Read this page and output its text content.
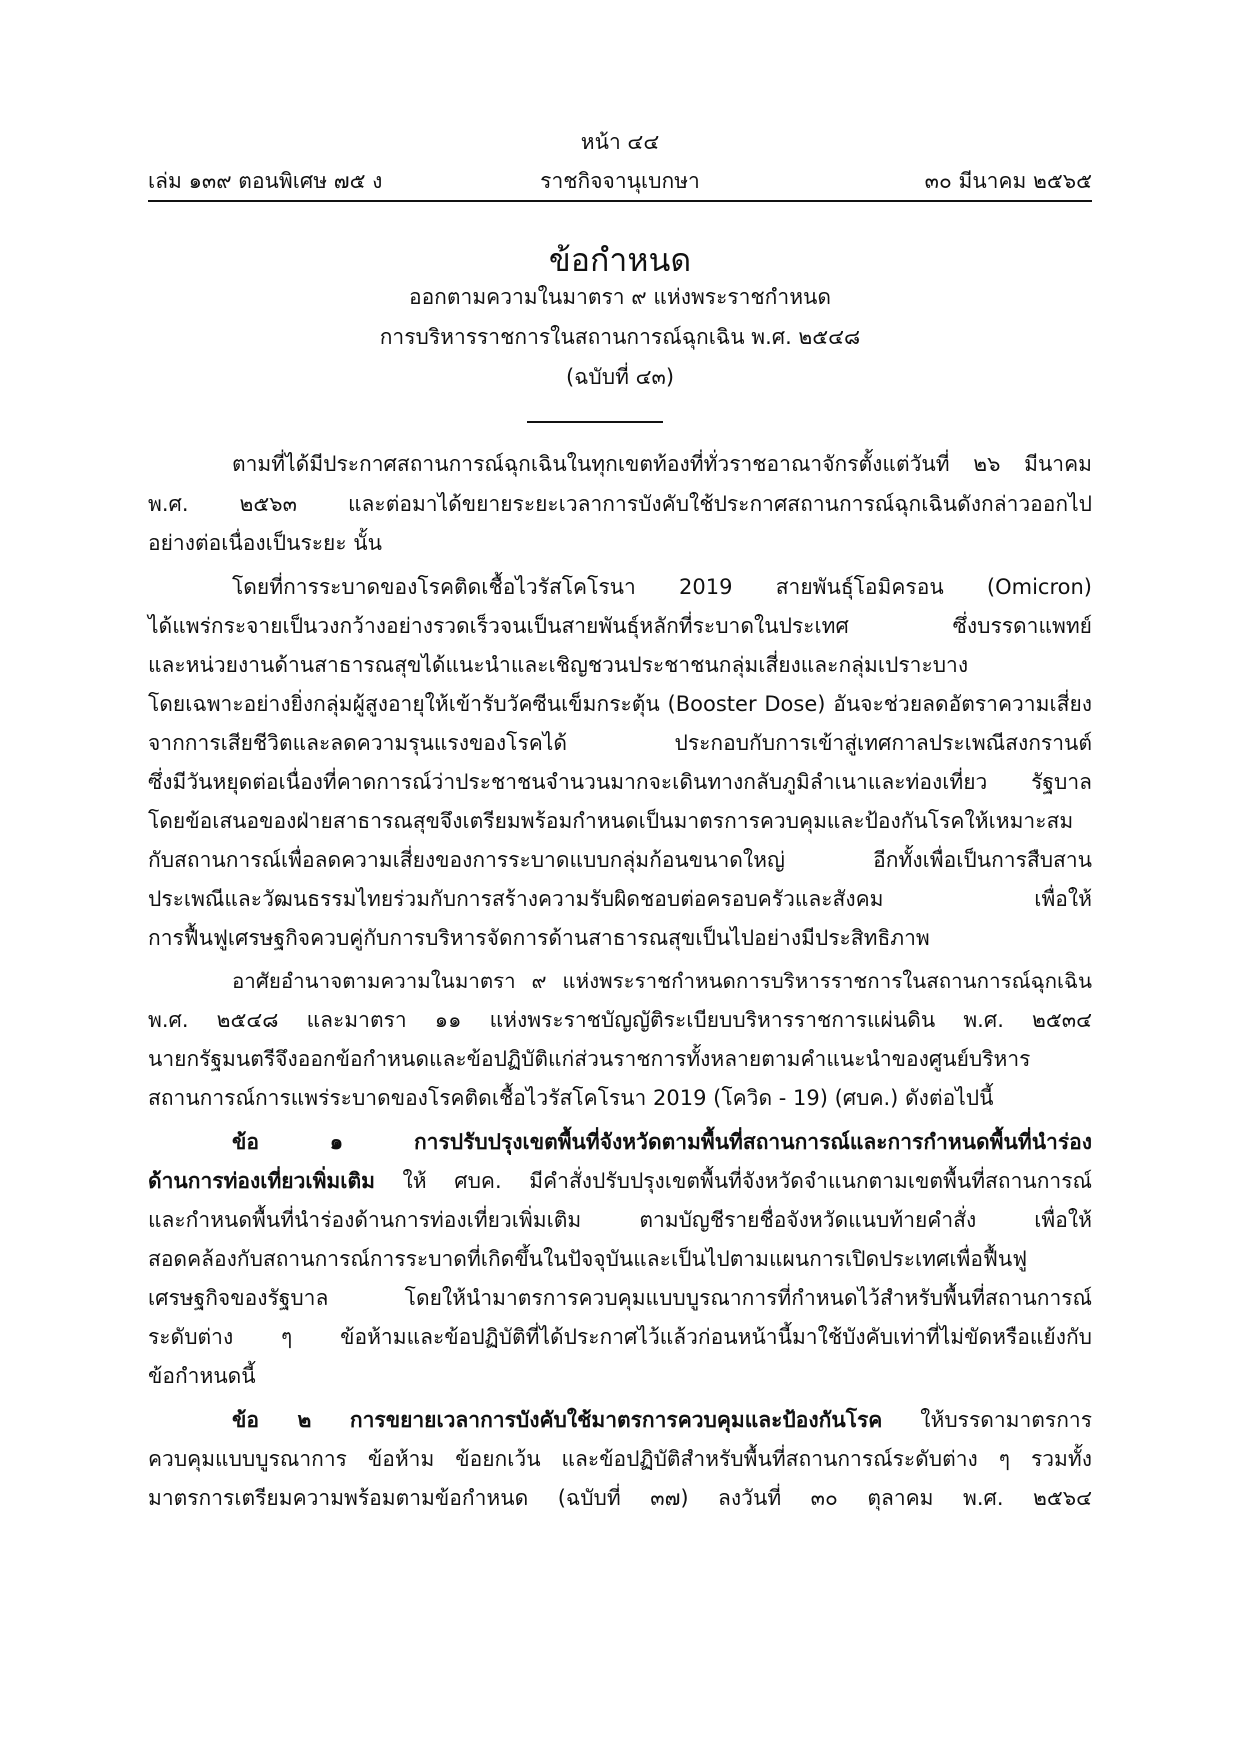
หน้า ๔๔
เล่ม ๑๓๙ ตอนพิเศษ ๗๕ ง	ราชกิจจานุเบกษา	๓๐ มีนาคม ๒๕๖๕
ข้อกำหนด
ออกตามความในมาตรา ๙ แห่งพระราชกำหนด
การบริหารราชการในสถานการณ์ฉุกเฉิน พ.ศ. ๒๕๔๘
(ฉบับที่ ๔๓)
ตามที่ได้มีประกาศสถานการณ์ฉุกเฉินในทุกเขตท้องที่ทั่วราชอาณาจักรตั้งแต่วันที่ ๒๖ มีนาคม
พ.ศ. ๒๕๖๓ และต่อมาได้ขยายระยะเวลาการบังคับใช้ประกาศสถานการณ์ฉุกเฉินดังกล่าวออกไป
อย่างต่อเนื่องเป็นระยะ นั้น
โดยที่การระบาดของโรคติดเชื้อไวรัสโคโรนา 2019 สายพันธุ์โอมิครอน (Omicron)
ได้แพร่กระจายเป็นวงกว้างอย่างรวดเร็วจนเป็นสายพันธุ์หลักที่ระบาดในประเทศ ซึ่งบรรดาแพทย์
และหน่วยงานด้านสาธารณสุขได้แนะนำและเชิญชวนประชาชนกลุ่มเสี่ยงและกลุ่มเปราะบาง
โดยเฉพาะอย่างยิ่งกลุ่มผู้สูงอายุให้เข้ารับวัคซีนเข็มกระตุ้น (Booster Dose) อันจะช่วยลดอัตราความเสี่ยง
จากการเสียชีวิตและลดความรุนแรงของโรคได้ ประกอบกับการเข้าสู่เทศกาลประเพณีสงกรานต์
ซึ่งมีวันหยุดต่อเนื่องที่คาดการณ์ว่าประชาชนจำนวนมากจะเดินทางกลับภูมิลำเนาและท่องเที่ยว รัฐบาล
โดยข้อเสนอของฝ่ายสาธารณสุขจึงเตรียมพร้อมกำหนดเป็นมาตรการควบคุมและป้องกันโรคให้เหมาะสม
กับสถานการณ์เพื่อลดความเสี่ยงของการระบาดแบบกลุ่มก้อนขนาดใหญ่ อีกทั้งเพื่อเป็นการสืบสาน
ประเพณีและวัฒนธรรมไทยร่วมกับการสร้างความรับผิดชอบต่อครอบครัวและสังคม เพื่อให้
การฟื้นฟูเศรษฐกิจควบคู่กับการบริหารจัดการด้านสาธารณสุขเป็นไปอย่างมีประสิทธิภาพ
อาศัยอำนาจตามความในมาตรา ๙ แห่งพระราชกำหนดการบริหารราชการในสถานการณ์ฉุกเฉิน
พ.ศ. ๒๕๔๘ และมาตรา ๑๑ แห่งพระราชบัญญัติระเบียบบริหารราชการแผ่นดิน พ.ศ. ๒๕๓๔
นายกรัฐมนตรีจึงออกข้อกำหนดและข้อปฏิบัติแก่ส่วนราชการทั้งหลายตามคำแนะนำของศูนย์บริหาร
สถานการณ์การแพร่ระบาดของโรคติดเชื้อไวรัสโคโรนา 2019 (โควิด - 19) (ศบค.) ดังต่อไปนี้
ข้อ ๑ การปรับปรุงเขตพื้นที่จังหวัดตามพื้นที่สถานการณ์และการกำหนดพื้นที่นำร่อง
ด้านการท่องเที่ยวเพิ่มเติม ให้ ศบค. มีคำสั่งปรับปรุงเขตพื้นที่จังหวัดจำแนกตามเขตพื้นที่สถานการณ์
และกำหนดพื้นที่นำร่องด้านการท่องเที่ยวเพิ่มเติม ตามบัญชีรายชื่อจังหวัดแนบท้ายคำสั่ง เพื่อให้
สอดคล้องกับสถานการณ์การระบาดที่เกิดขึ้นในปัจจุบันและเป็นไปตามแผนการเปิดประเทศเพื่อฟื้นฟู
เศรษฐกิจของรัฐบาล โดยให้นำมาตรการควบคุมแบบบูรณาการที่กำหนดไว้สำหรับพื้นที่สถานการณ์
ระดับต่าง ๆ ข้อห้ามและข้อปฏิบัติที่ได้ประกาศไว้แล้วก่อนหน้านี้มาใช้บังคับเท่าที่ไม่ขัดหรือแย้งกับ
ข้อกำหนดนี้
ข้อ ๒ การขยายเวลาการบังคับใช้มาตรการควบคุมและป้องกันโรค ให้บรรดามาตรการ
ควบคุมแบบบูรณาการ ข้อห้าม ข้อยกเว้น และข้อปฏิบัติสำหรับพื้นที่สถานการณ์ระดับต่าง ๆ รวมทั้ง
มาตรการเตรียมความพร้อมตามข้อกำหนด (ฉบับที่ ๓๗) ลงวันที่ ๓๐ ตุลาคม พ.ศ. ๒๕๖๔
